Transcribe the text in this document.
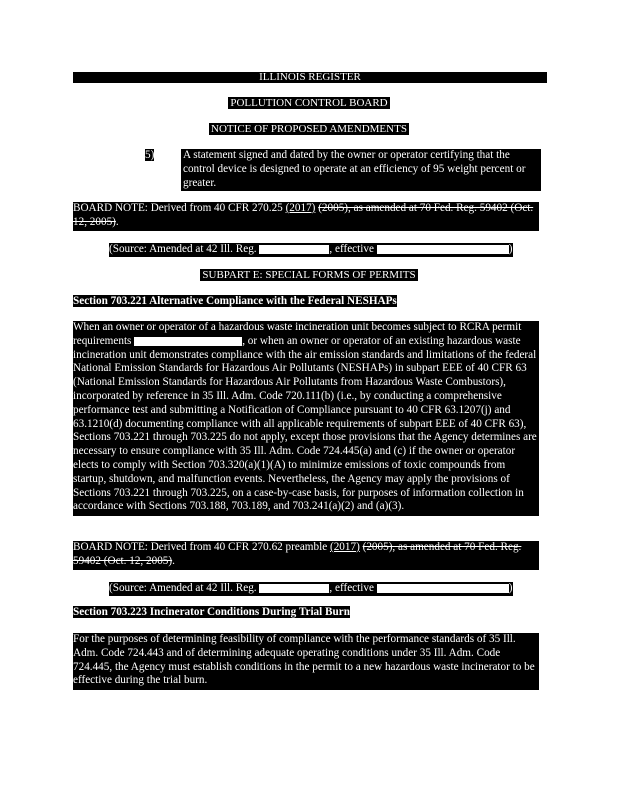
ILLINOIS REGISTER
POLLUTION CONTROL BOARD
NOTICE OF PROPOSED AMENDMENTS
5)	A statement signed and dated by the owner or operator certifying that the control device is designed to operate at an efficiency of 95 weight percent or greater.
BOARD NOTE: Derived from 40 CFR 270.25 (2017) (2005), as amended at 70 Fed. Reg. 59402 (Oct. 12, 2005).
(Source: Amended at 42 Ill. Reg.	, effective	)
SUBPART E: SPECIAL FORMS OF PERMITS
Section 703.221 Alternative Compliance with the Federal NESHAPs
When an owner or operator of a hazardous waste incineration unit becomes subject to RCRA permit requirements	, or when an owner or operator of an existing hazardous waste incineration unit demonstrates compliance with the air emission standards and limitations of the federal National Emission Standards for Hazardous Air Pollutants (NESHAPs) in subpart EEE of 40 CFR 63 (National Emission Standards for Hazardous Air Pollutants from Hazardous Waste Combustors), incorporated by reference in 35 Ill. Adm. Code 720.111(b) (i.e., by conducting a comprehensive performance test and submitting a Notification of Compliance pursuant to 40 CFR 63.1207(j) and 63.1210(d) documenting compliance with all applicable requirements of subpart EEE of 40 CFR 63), Sections 703.221 through 703.225 do not apply, except those provisions that the Agency determines are necessary to ensure compliance with 35 Ill. Adm. Code 724.445(a) and (c) if the owner or operator elects to comply with Section 703.320(a)(1)(A) to minimize emissions of toxic compounds from startup, shutdown, and malfunction events. Nevertheless, the Agency may apply the provisions of Sections 703.221 through 703.225, on a case-by-case basis, for purposes of information collection in accordance with Sections 703.188, 703.189, and 703.241(a)(2) and (a)(3).
BOARD NOTE: Derived from 40 CFR 270.62 preamble (2017) (2005), as amended at 70 Fed. Reg. 59402 (Oct. 12, 2005).
(Source: Amended at 42 Ill. Reg.	, effective	)
Section 703.223 Incinerator Conditions During Trial Burn
For the purposes of determining feasibility of compliance with the performance standards of 35 Ill. Adm. Code 724.443 and of determining adequate operating conditions under 35 Ill. Adm. Code 724.445, the Agency must establish conditions in the permit to a new hazardous waste incinerator to be effective during the trial burn.
